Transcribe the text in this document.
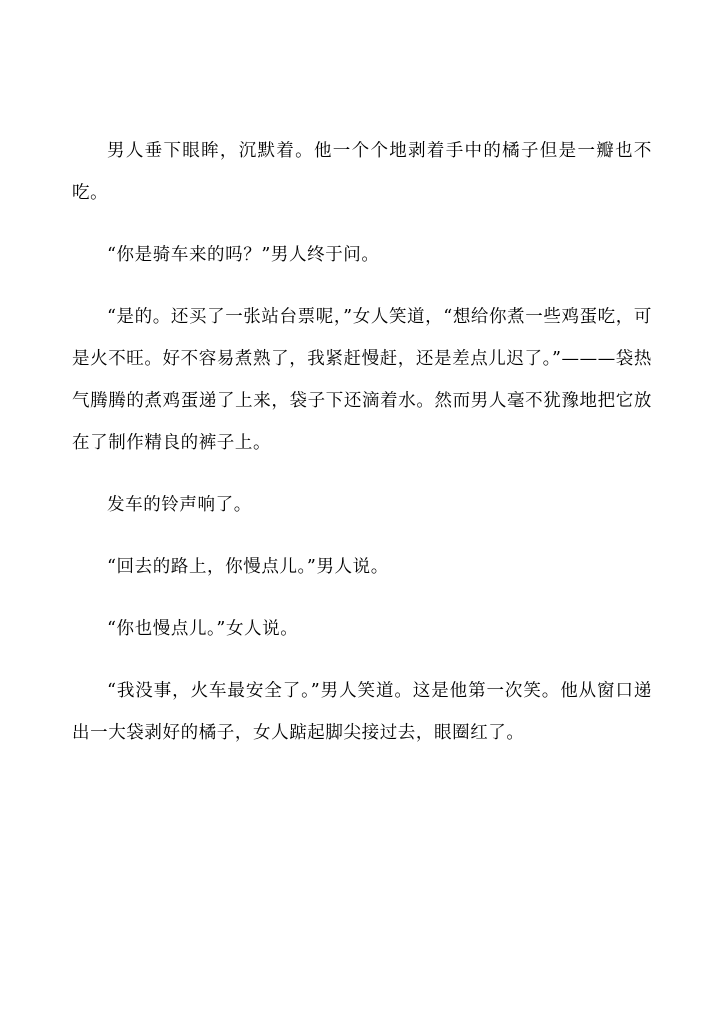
男人垂下眼眸，沉默着。他一个个地剥着手中的橘子但是一瓣也不吃。

“你是骑车来的吗？”男人终于问。

“是的。还买了一张站台票呢，”女人笑道，“想给你煮一些鸡蛋吃，可是火不旺。好不容易煮熟了，我紧赶慢赶，还是差点儿迟了。”———袋热气腾腾的煮鸡蛋递了上来，袋子下还滴着水。然而男人毫不犹豫地把它放在了制作精良的裤子上。

发车的铃声响了。

“回去的路上，你慢点儿。”男人说。

“你也慢点儿。”女人说。

“我没事，火车最安全了。”男人笑道。这是他第一次笑。他从窗口递出一大袋剥好的橘子，女人踮起脚尖接过去，眼圈红了。
